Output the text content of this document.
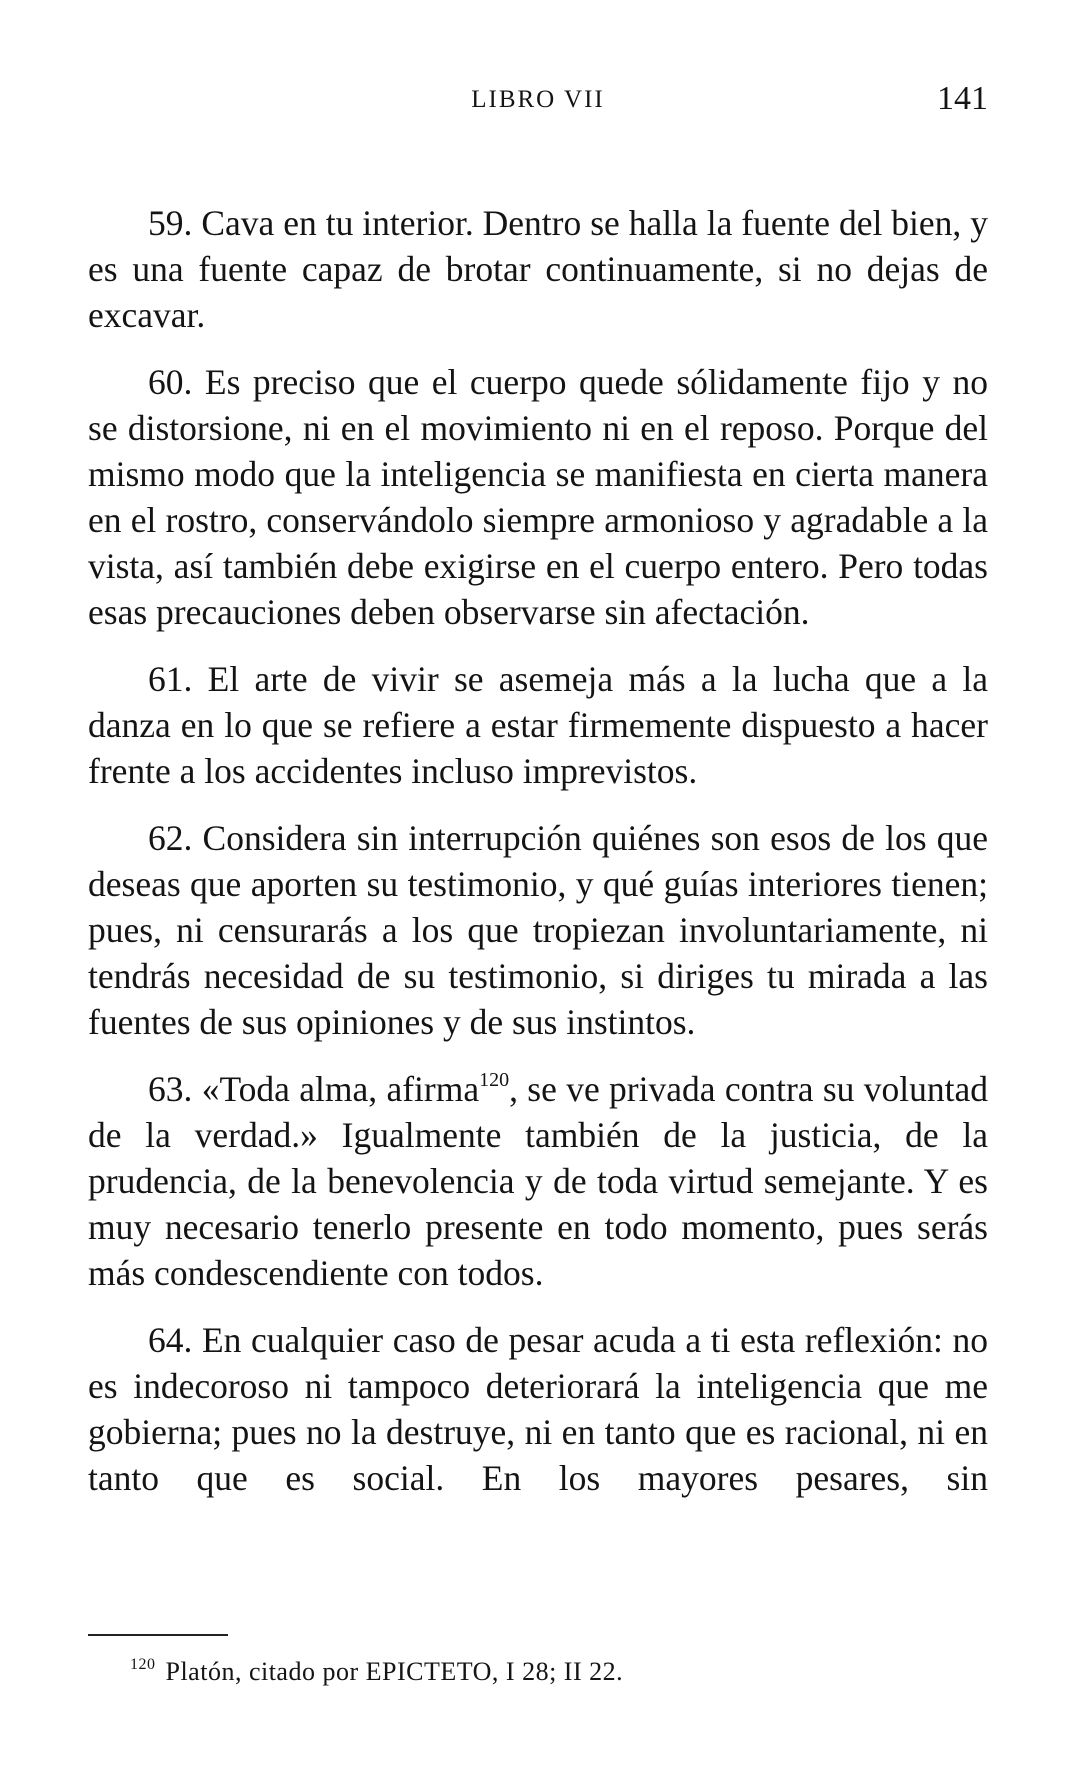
LIBRO VII	141

59. Cava en tu interior. Dentro se halla la fuente del bien, y es una fuente capaz de brotar continuamente, si no dejas de excavar.

60. Es preciso que el cuerpo quede sólidamente fijo y no se distorsione, ni en el movimiento ni en el reposo. Porque del mismo modo que la inteligencia se manifiesta en cierta manera en el rostro, conservándolo siempre armonioso y agradable a la vista, así también debe exigirse en el cuerpo entero. Pero todas esas precauciones deben observarse sin afectación.

61. El arte de vivir se asemeja más a la lucha que a la danza en lo que se refiere a estar firmemente dispuesto a hacer frente a los accidentes incluso imprevistos.

62. Considera sin interrupción quiénes son esos de los que deseas que aporten su testimonio, y qué guías interiores tienen; pues, ni censurarás a los que tropiezan involuntariamente, ni tendrás necesidad de su testimonio, si diriges tu mirada a las fuentes de sus opiniones y de sus instintos.

63. «Toda alma, afirma$^{120}$, se ve privada contra su voluntad de la verdad.» Igualmente también de la justicia, de la prudencia, de la benevolencia y de toda virtud semejante. Y es muy necesario tenerlo presente en todo momento, pues serás más condescendiente con todos.

64. En cualquier caso de pesar acuda a ti esta reflexión: no es indecoroso ni tampoco deteriorará la inteligencia que me gobierna; pues no la destruye, ni en tanto que es racional, ni en tanto que es social. En los mayores pesares, sin

$^{120}$ Platón, citado por EPICTETO, I 28; II 22.
